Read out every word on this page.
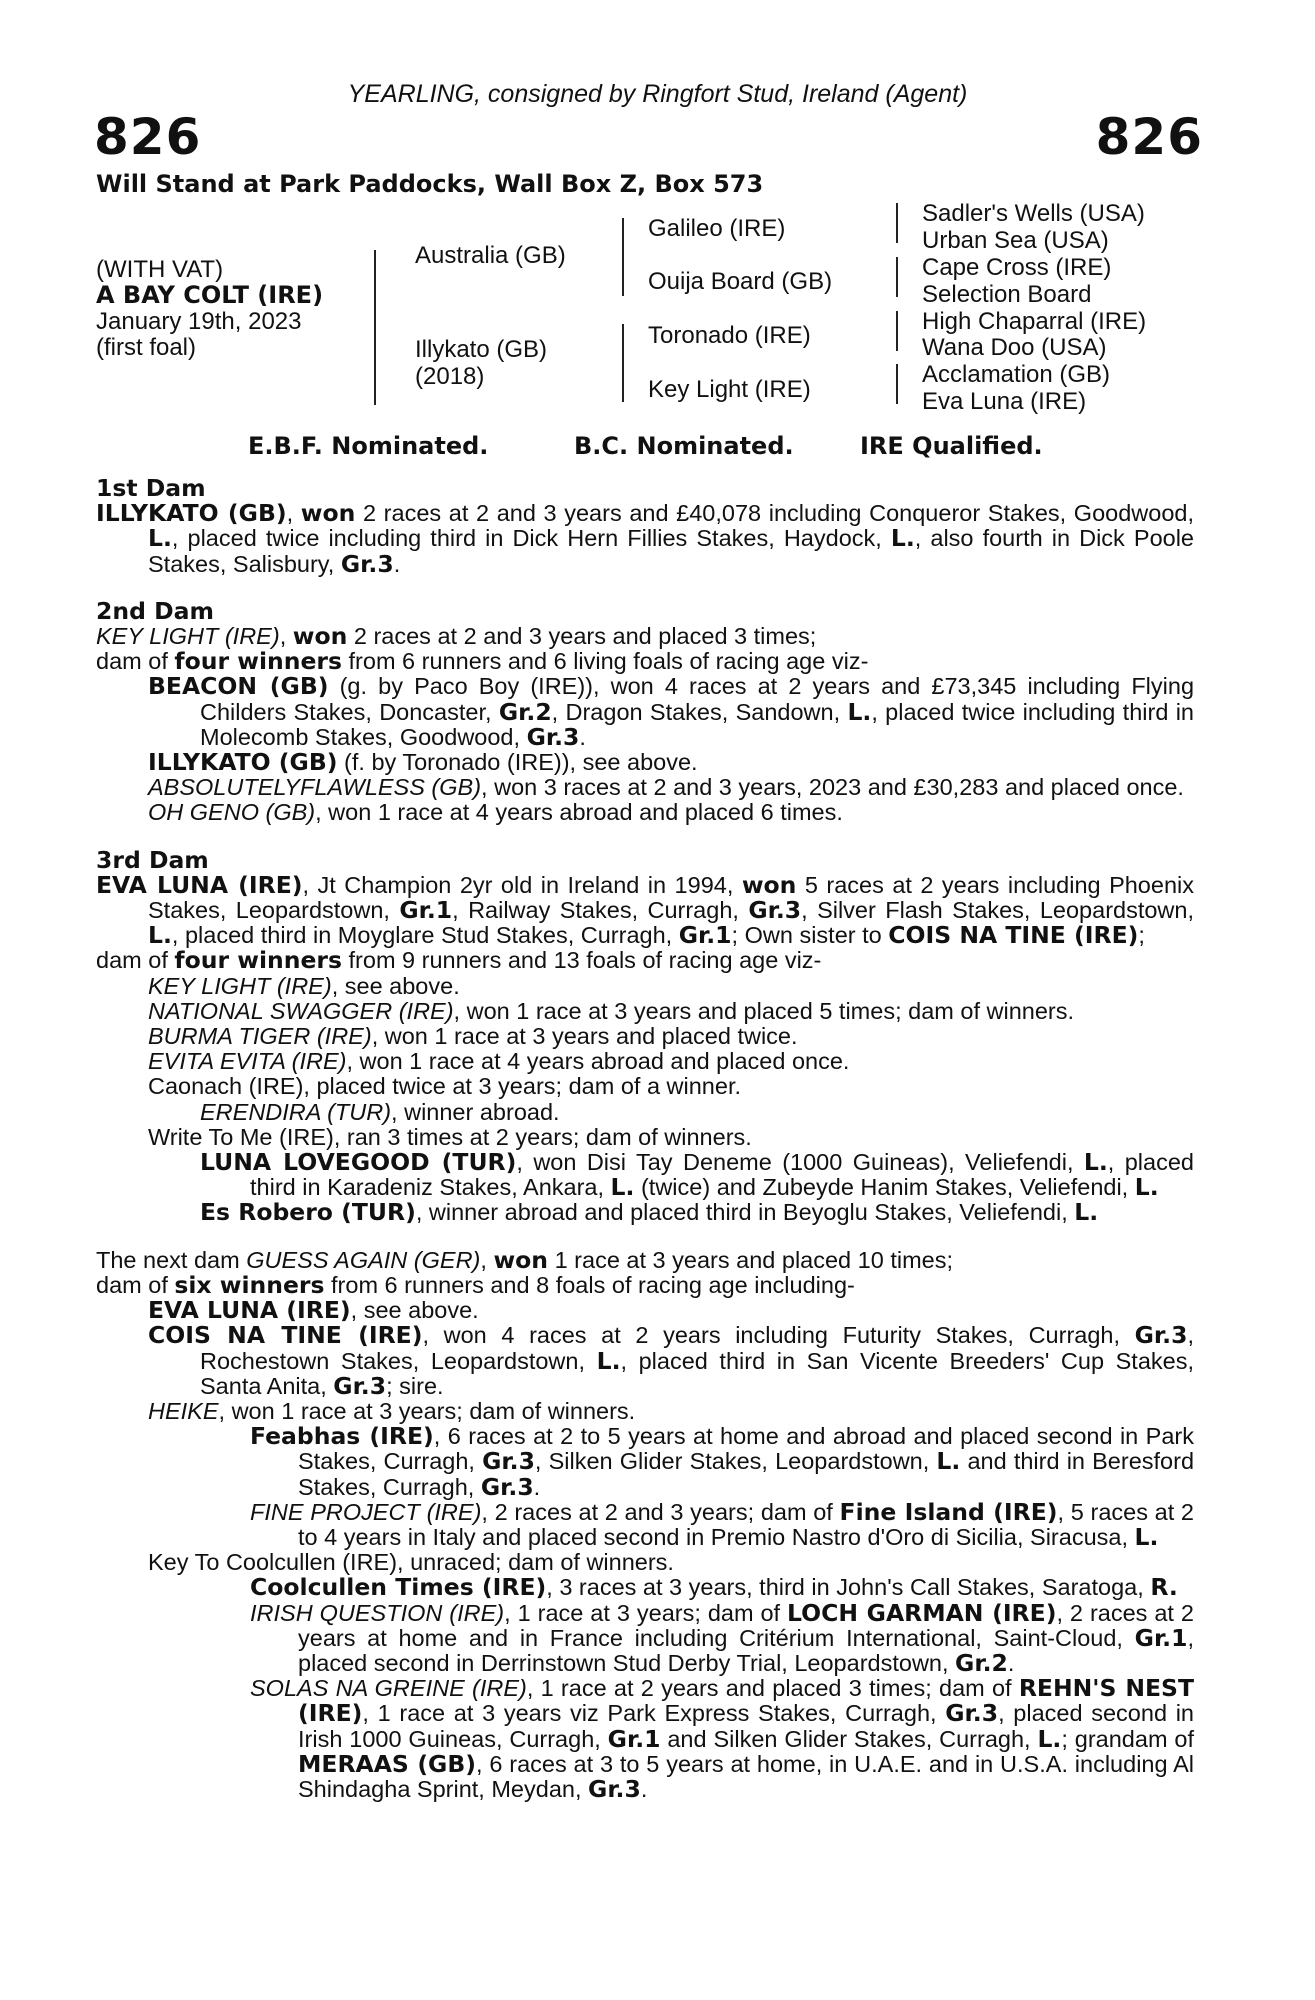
YEARLING, consigned by Ringfort Stud, Ireland (Agent)
826	826
Will Stand at Park Paddocks, Wall Box Z, Box 573
(WITH VAT)
A BAY COLT (IRE)
January 19th, 2023
(first foal)
Australia (GB)
Illykato (GB)
(2018)
Galileo (IRE)
Ouija Board (GB)
Toronado (IRE)
Key Light (IRE)
Sadler's Wells (USA)
Urban Sea (USA)
Cape Cross (IRE)
Selection Board
High Chaparral (IRE)
Wana Doo (USA)
Acclamation (GB)
Eva Luna (IRE)
E.B.F. Nominated.	B.C. Nominated.	IRE Qualified.
1st Dam

ILLYKATO (GB), won 2 races at 2 and 3 years and £40,078 including Conqueror Stakes, Goodwood, L., placed twice including third in Dick Hern Fillies Stakes, Haydock, L., also fourth in Dick Poole Stakes, Salisbury, Gr.3.

2nd Dam

KEY LIGHT (IRE), won 2 races at 2 and 3 years and placed 3 times;

dam of four winners from 6 runners and 6 living foals of racing age viz-

BEACON (GB) (g. by Paco Boy (IRE)), won 4 races at 2 years and £73,345 including Flying Childers Stakes, Doncaster, Gr.2, Dragon Stakes, Sandown, L., placed twice including third in Molecomb Stakes, Goodwood, Gr.3.

ILLYKATO (GB) (f. by Toronado (IRE)), see above.

ABSOLUTELYFLAWLESS (GB), won 3 races at 2 and 3 years, 2023 and £30,283 and placed once.

OH GENO (GB), won 1 race at 4 years abroad and placed 6 times.

3rd Dam

EVA LUNA (IRE), Jt Champion 2yr old in Ireland in 1994, won 5 races at 2 years including Phoenix Stakes, Leopardstown, Gr.1, Railway Stakes, Curragh, Gr.3, Silver Flash Stakes, Leopardstown, L., placed third in Moyglare Stud Stakes, Curragh, Gr.1; Own sister to COIS NA TINE (IRE);

dam of four winners from 9 runners and 13 foals of racing age viz-

KEY LIGHT (IRE), see above.

NATIONAL SWAGGER (IRE), won 1 race at 3 years and placed 5 times; dam of winners.

BURMA TIGER (IRE), won 1 race at 3 years and placed twice.

EVITA EVITA (IRE), won 1 race at 4 years abroad and placed once.

Caonach (IRE), placed twice at 3 years; dam of a winner.

ERENDIRA (TUR), winner abroad.

Write To Me (IRE), ran 3 times at 2 years; dam of winners.

LUNA LOVEGOOD (TUR), won Disi Tay Deneme (1000 Guineas), Veliefendi, L., placed third in Karadeniz Stakes, Ankara, L. (twice) and Zubeyde Hanim Stakes, Veliefendi, L.

Es Robero (TUR), winner abroad and placed third in Beyoglu Stakes, Veliefendi, L.

The next dam GUESS AGAIN (GER), won 1 race at 3 years and placed 10 times;

dam of six winners from 6 runners and 8 foals of racing age including-

EVA LUNA (IRE), see above.

COIS NA TINE (IRE), won 4 races at 2 years including Futurity Stakes, Curragh, Gr.3, Rochestown Stakes, Leopardstown, L., placed third in San Vicente Breeders' Cup Stakes, Santa Anita, Gr.3; sire.

HEIKE, won 1 race at 3 years; dam of winners.

Feabhas (IRE), 6 races at 2 to 5 years at home and abroad and placed second in Park Stakes, Curragh, Gr.3, Silken Glider Stakes, Leopardstown, L. and third in Beresford Stakes, Curragh, Gr.3.

FINE PROJECT (IRE), 2 races at 2 and 3 years; dam of Fine Island (IRE), 5 races at 2 to 4 years in Italy and placed second in Premio Nastro d'Oro di Sicilia, Siracusa, L.

Key To Coolcullen (IRE), unraced; dam of winners.

Coolcullen Times (IRE), 3 races at 3 years, third in John's Call Stakes, Saratoga, R.

IRISH QUESTION (IRE), 1 race at 3 years; dam of LOCH GARMAN (IRE), 2 races at 2 years at home and in France including Critérium International, Saint-Cloud, Gr.1, placed second in Derrinstown Stud Derby Trial, Leopardstown, Gr.2.

SOLAS NA GREINE (IRE), 1 race at 2 years and placed 3 times; dam of REHN'S NEST (IRE), 1 race at 3 years viz Park Express Stakes, Curragh, Gr.3, placed second in Irish 1000 Guineas, Curragh, Gr.1 and Silken Glider Stakes, Curragh, L.; grandam of MERAAS (GB), 6 races at 3 to 5 years at home, in U.A.E. and in U.S.A. including Al Shindagha Sprint, Meydan, Gr.3.
